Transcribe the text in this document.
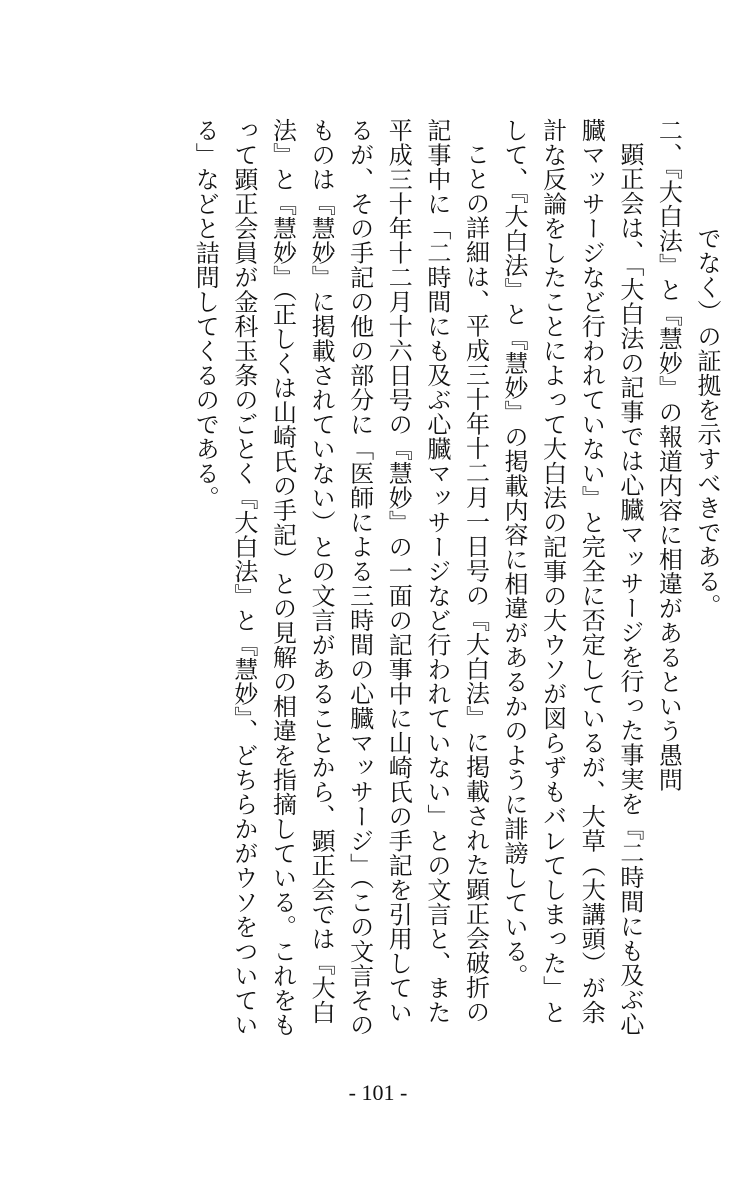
でなく）の証拠を示すべきである。

二、『大白法』と『慧妙』の報道内容に相違があるという愚問

顕正会は、「大白法の記事では心臓マッサージを行った事実を『二時間にも及ぶ心臓マッサージなど行われていない』と完全に否定しているが、大草（大講頭）が余計な反論をしたことによって大白法の記事の大ウソが図らずもバレてしまった」として、『大白法』と『慧妙』の掲載内容に相違があるかのように誹謗している。

ことの詳細は、平成三十年十二月一日号の『大白法』に掲載された顕正会破折の記事中に「二時間にも及ぶ心臓マッサージなど行われていない」との文言と、また平成三十年十二月十六日号の『慧妙』の一面の記事中に山崎氏の手記を引用しているが、その手記の他の部分に「医師による三時間の心臓マッサージ」（この文言そのものは『慧妙』に掲載されていない）との文言があることから、顕正会では『大白法』と『慧妙』（正しくは山崎氏の手記）との見解の相違を指摘している。これをもって顕正会員が金科玉条のごとく『大白法』と『慧妙』、どちらかがウソをついている」などと詰問してくるのである。

- 101 -
